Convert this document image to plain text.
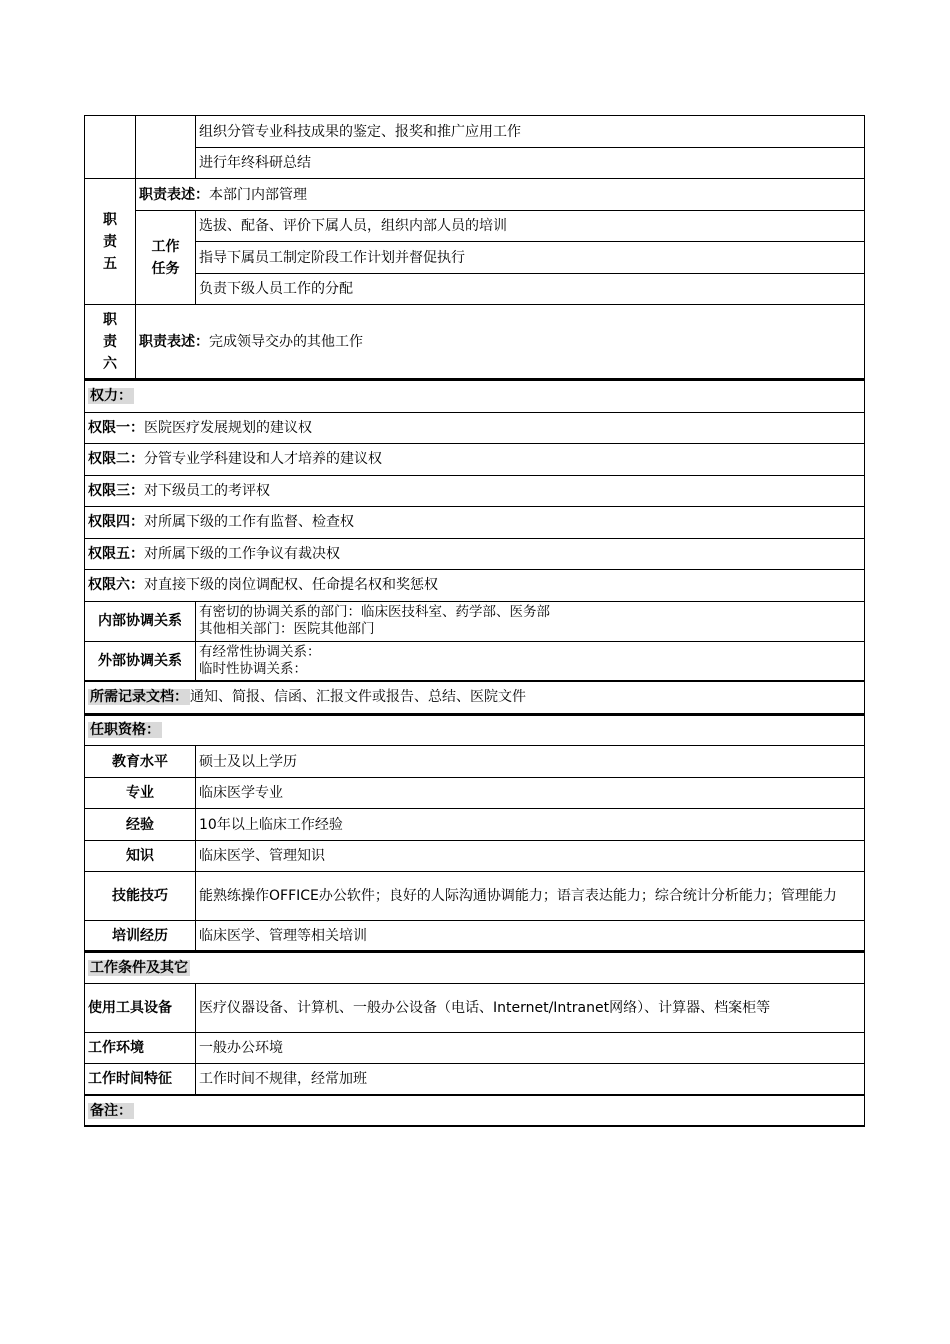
		组织分管专业科技成果的鉴定、报奖和推广应用工作
		进行年终科研总结
职
责
五	职责表述：本部门内部管理	
	工作
任务	选拔、配备、评价下属人员，组织内部人员的培训
		指导下属员工制定阶段工作计划并督促执行
		负责下级人员工作的分配
职
责
六	职责表述：完成领导交办的其他工作	
权力：	
权限一：医院医疗发展规划的建议权	
权限二：分管专业学科建设和人才培养的建议权	
权限三：对下级员工的考评权	
权限四：对所属下级的工作有监督、检查权	
权限五：对所属下级的工作争议有裁决权	
权限六：对直接下级的岗位调配权、任命提名权和奖惩权	
内部协调关系	有密切的协调关系的部门：临床医技科室、药学部、医务部
其他相关部门：医院其他部门
外部协调关系	有经常性协调关系：
临时性协调关系：
所需记录文档： 通知、简报、信函、汇报文件或报告、总结、医院文件	
任职资格：	
教育水平	硕士及以上学历
专业	临床医学专业
经验	10年以上临床工作经验
知识	临床医学、管理知识
技能技巧	能熟练操作OFFICE办公软件；良好的人际沟通协调能力；语言表达能力；综合统计分析能力；管理能力
培训经历	临床医学、管理等相关培训
工作条件及其它	
使用工具设备	医疗仪器设备、计算机、一般办公设备（电话、Internet/Intranet网络）、计算器、档案柜等
工作环境	一般办公环境
工作时间特征	工作时间不规律，经常加班
备注：	
